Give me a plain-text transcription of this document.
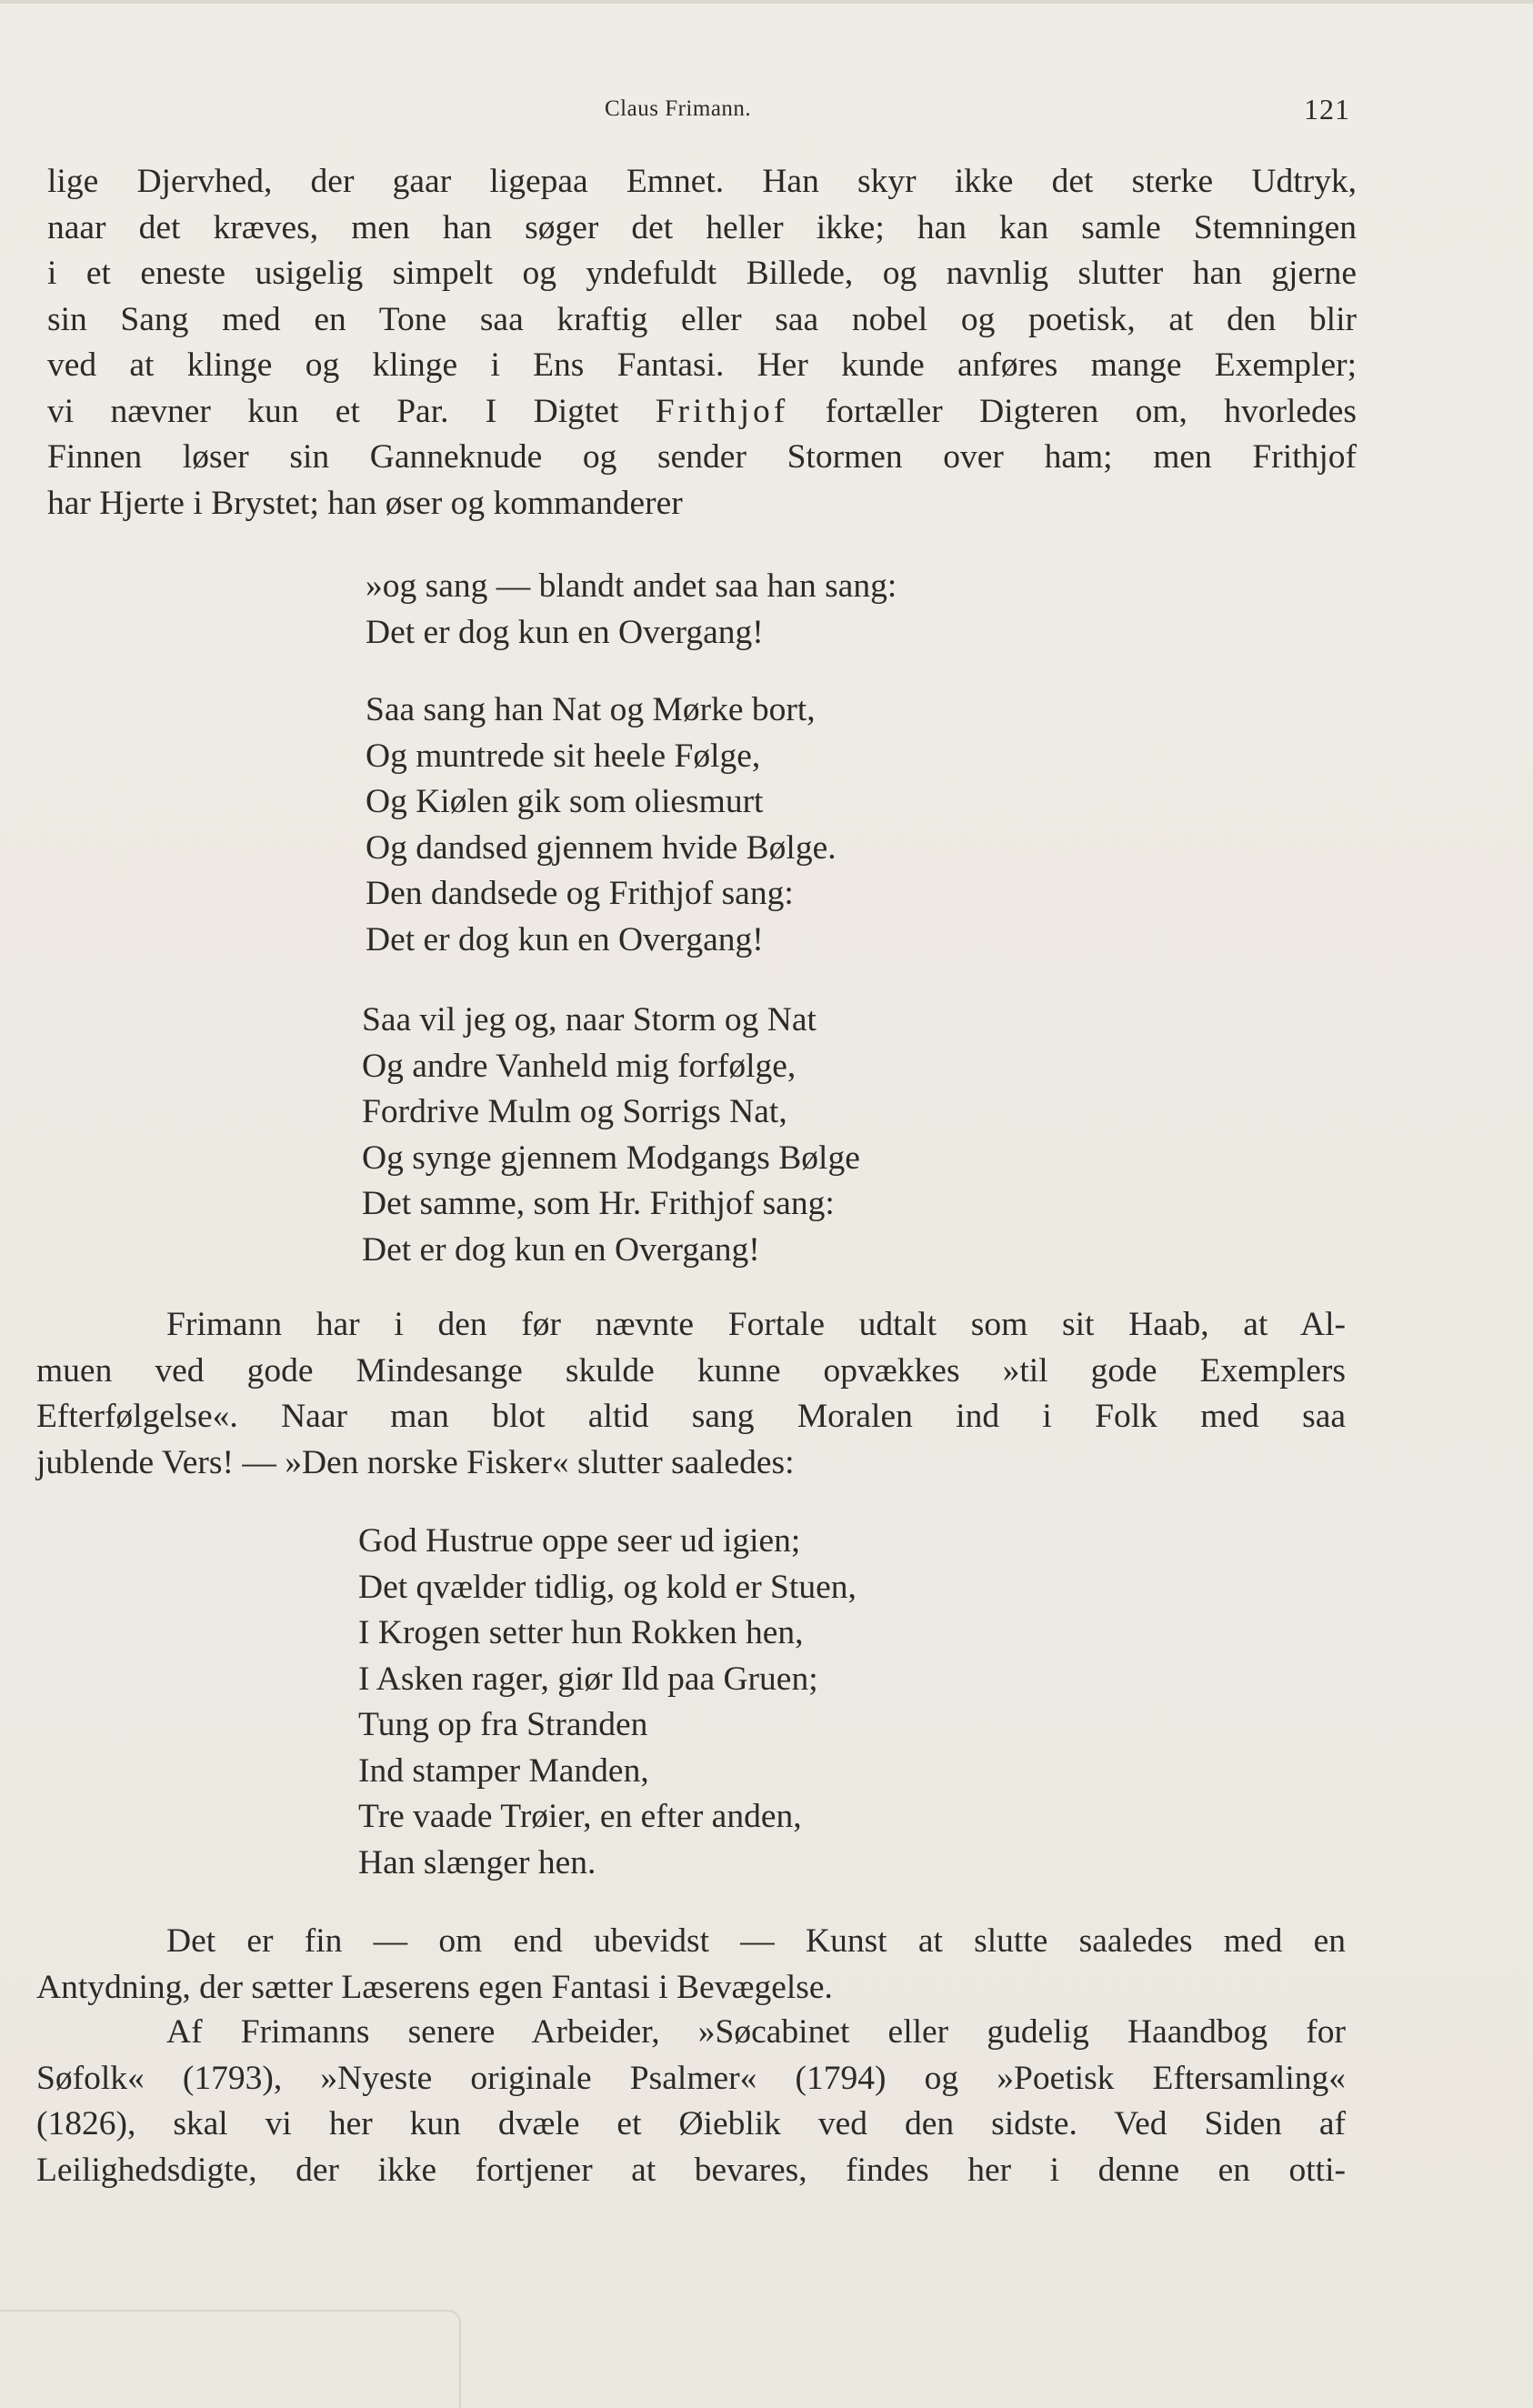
Claus Frimann.	121

lige Djervhed, der gaar ligepaa Emnet. Han skyr ikke det sterke Udtryk,
naar det kræves, men han søger det heller ikke; han kan samle Stemningen
i et eneste usigelig simpelt og yndefuldt Billede, og navnlig slutter han gjerne
sin Sang med en Tone saa kraftig eller saa nobel og poetisk, at den blir
ved at klinge og klinge i Ens Fantasi. Her kunde anføres mange Exempler;
vi nævner kun et Par. I Digtet Frithjof fortæller Digteren om, hvorledes
Finnen løser sin Ganneknude og sender Stormen over ham; men Frithjof
har Hjerte i Brystet; han øser og kommanderer

»og sang — blandt andet saa han sang:
Det er dog kun en Overgang!
Saa sang han Nat og Mørke bort,
Og muntrede sit heele Følge,
Og Kiølen gik som oliesmurt
Og dandsed gjennem hvide Bølge.
Den dandsede og Frithjof sang:
Det er dog kun en Overgang!
Saa vil jeg og, naar Storm og Nat
Og andre Vanheld mig forfølge,
Fordrive Mulm og Sorrigs Nat,
Og synge gjennem Modgangs Bølge
Det samme, som Hr. Frithjof sang:
Det er dog kun en Overgang!

Frimann har i den før nævnte Fortale udtalt som sit Haab, at Al-
muen ved gode Mindesange skulde kunne opvækkes »til gode Exemplers
Efterfølgelse«. Naar man blot altid sang Moralen ind i Folk med saa
jublende Vers! — »Den norske Fisker« slutter saaledes:

God Hustrue oppe seer ud igien;
Det qvælder tidlig, og kold er Stuen,
I Krogen setter hun Rokken hen,
I Asken rager, giør Ild paa Gruen;
Tung op fra Stranden
Ind stamper Manden,
Tre vaade Trøier, en efter anden,
Han slænger hen.

Det er fin — om end ubevidst — Kunst at slutte saaledes med en
Antydning, der sætter Læserens egen Fantasi i Bevægelse.

Af Frimanns senere Arbeider, »Søcabinet eller gudelig Haandbog for
Søfolk« (1793), »Nyeste originale Psalmer« (1794) og »Poetisk Eftersamling«
(1826), skal vi her kun dvæle et Øieblik ved den sidste. Ved Siden af
Leilighedsdigte, der ikke fortjener at bevares, findes her i denne en otti-
